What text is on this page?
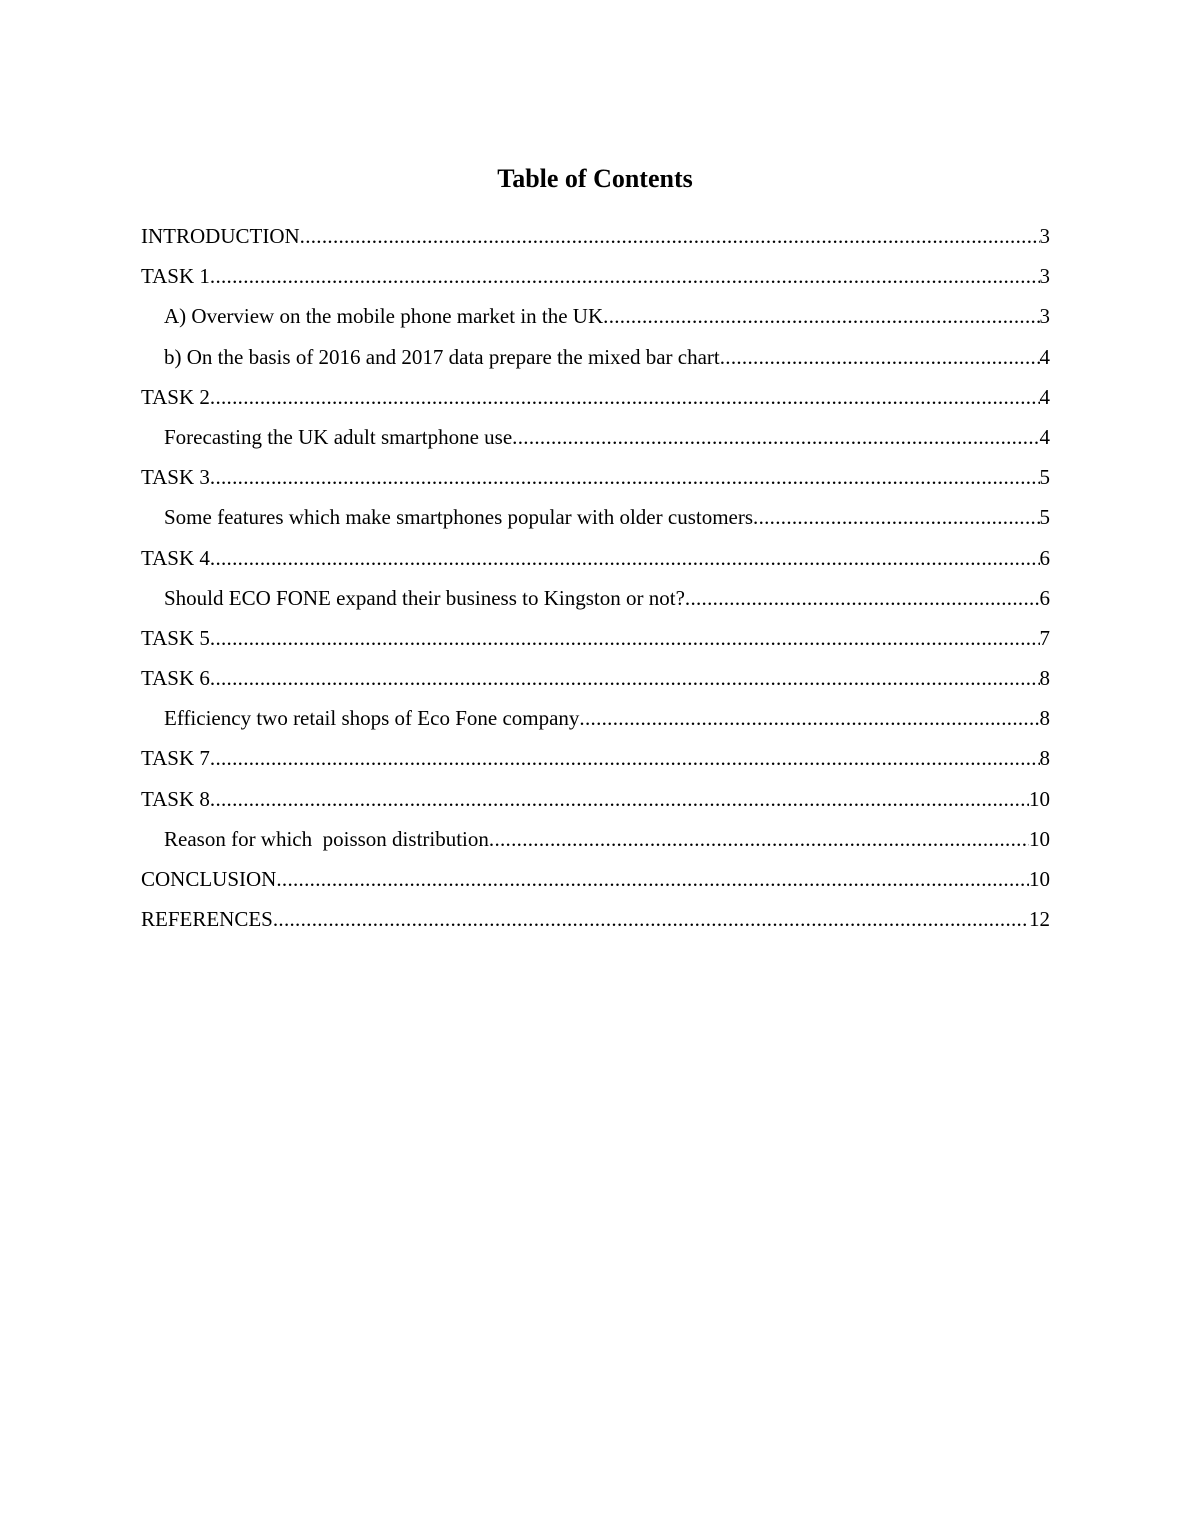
Table of Contents
INTRODUCTION .....	3
TASK 1 .....	3
A) Overview on the mobile phone market in the UK .....	3
b) On the basis of 2016 and 2017 data prepare the mixed bar chart .....	4
TASK 2 .....	4
Forecasting the UK adult smartphone use .....	4
TASK 3 .....	5
Some features which make smartphones popular with older customers .....	5
TASK 4 .....	6
Should ECO FONE expand their business to Kingston or not? .....	6
TASK 5 .....	7
TASK 6 .....	8
Efficiency two retail shops of Eco Fone company .....	8
TASK 7 .....	8
TASK 8 .....	10
Reason for which  poisson distribution .....	10
CONCLUSION .....	10
REFERENCES .....	12
